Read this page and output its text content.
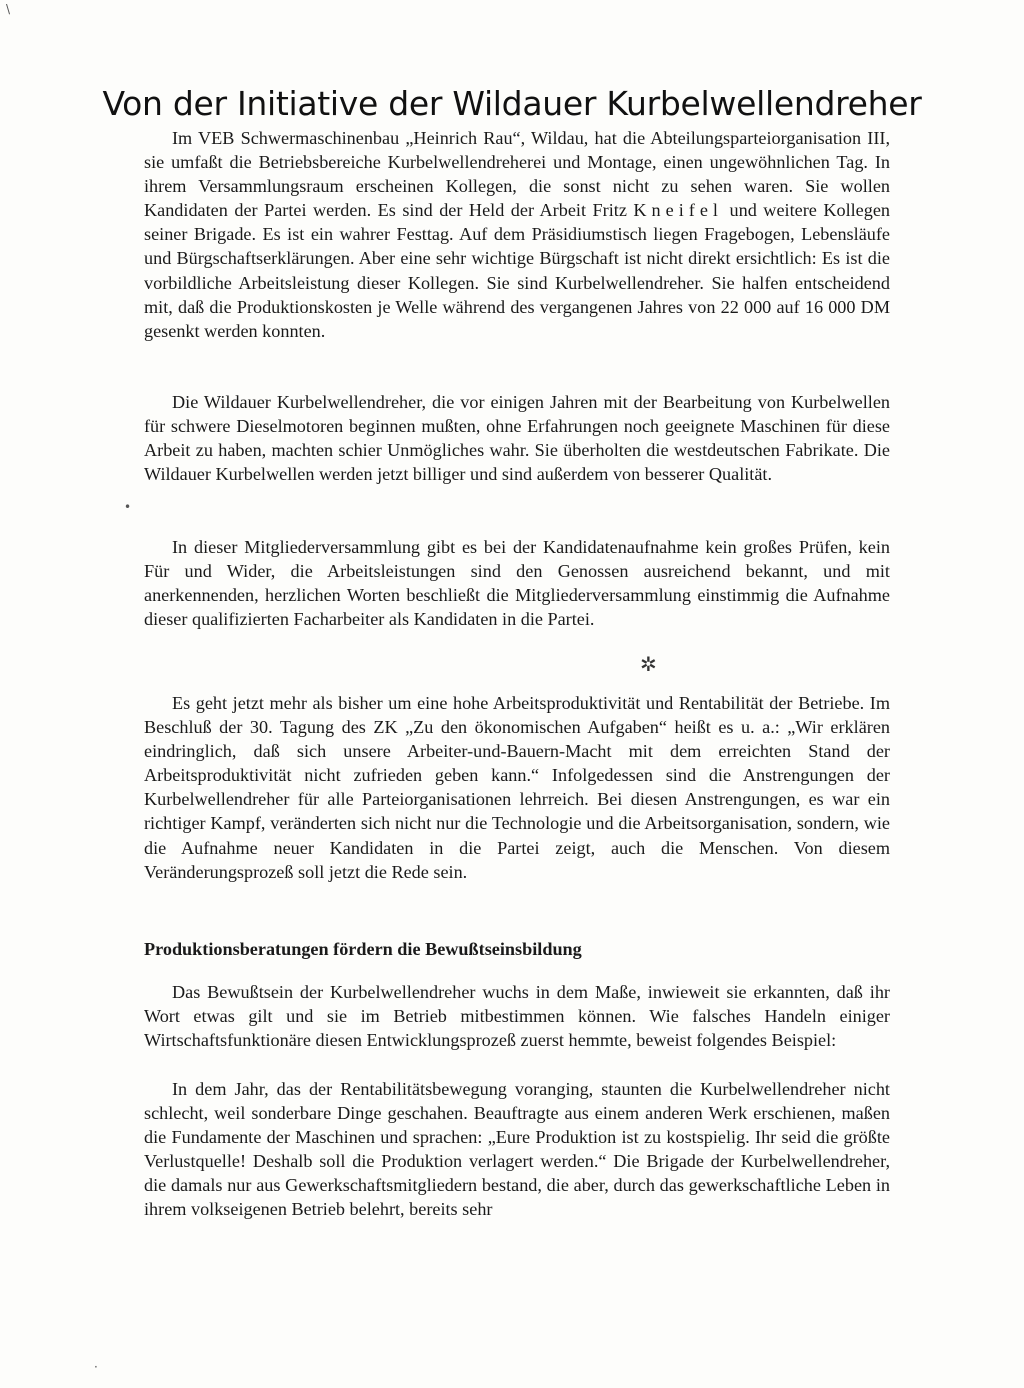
Von der Initiative der Wildauer Kurbelwellendreher

Im VEB Schwermaschinenbau „Heinrich Rau“, Wildau, hat die Abteilungsparteiorganisation III, sie umfaßt die Betriebsbereiche Kurbelwellendreherei und Montage, einen ungewöhnlichen Tag. In ihrem Versammlungsraum erscheinen Kollegen, die sonst nicht zu sehen waren. Sie wollen Kandidaten der Partei werden. Es sind der Held der Arbeit Fritz Kneifel und weitere Kollegen seiner Brigade. Es ist ein wahrer Festtag. Auf dem Präsidiumstisch liegen Fragebogen, Lebensläufe und Bürgschaftserklärungen. Aber eine sehr wichtige Bürgschaft ist nicht direkt ersichtlich: Es ist die vorbildliche Arbeitsleistung dieser Kollegen. Sie sind Kurbelwellendreher. Sie halfen entscheidend mit, daß die Produktionskosten je Welle während des vergangenen Jahres von 22 000 auf 16 000 DM gesenkt werden konnten.

Die Wildauer Kurbelwellendreher, die vor einigen Jahren mit der Bearbeitung von Kurbelwellen für schwere Dieselmotoren beginnen mußten, ohne Erfahrungen noch geeignete Maschinen für diese Arbeit zu haben, machten schier Unmögliches wahr. Sie überholten die westdeutschen Fabrikate. Die Wildauer Kurbelwellen werden jetzt billiger und sind außerdem von besserer Qualität.

In dieser Mitgliederversammlung gibt es bei der Kandidatenaufnahme kein großes Prüfen, kein Für und Wider, die Arbeitsleistungen sind den Genossen ausreichend bekannt, und mit anerkennenden, herzlichen Worten beschließt die Mitgliederversammlung einstimmig die Aufnahme dieser qualifizierten Facharbeiter als Kandidaten in die Partei.

✲

Es geht jetzt mehr als bisher um eine hohe Arbeitsproduktivität und Rentabilität der Betriebe. Im Beschluß der 30. Tagung des ZK „Zu den ökonomischen Aufgaben“ heißt es u. a.: „Wir erklären eindringlich, daß sich unsere Arbeiter-und-Bauern-Macht mit dem erreichten Stand der Arbeitsproduktivität nicht zufrieden geben kann.“ Infolgedessen sind die Anstrengungen der Kurbelwellendreher für alle Parteiorganisationen lehrreich. Bei diesen Anstrengungen, es war ein richtiger Kampf, veränderten sich nicht nur die Technologie und die Arbeitsorganisation, sondern, wie die Aufnahme neuer Kandidaten in die Partei zeigt, auch die Menschen. Von diesem Veränderungsprozeß soll jetzt die Rede sein.

Produktionsberatungen fördern die Bewußtseinsbildung

Das Bewußtsein der Kurbelwellendreher wuchs in dem Maße, inwieweit sie erkannten, daß ihr Wort etwas gilt und sie im Betrieb mitbestimmen können. Wie falsches Handeln einiger Wirtschaftsfunktionäre diesen Entwicklungsprozeß zuerst hemmte, beweist folgendes Beispiel:

In dem Jahr, das der Rentabilitätsbewegung voranging, staunten die Kurbelwellendreher nicht schlecht, weil sonderbare Dinge geschahen. Beauftragte aus einem anderen Werk erschienen, maßen die Fundamente der Maschinen und sprachen: „Eure Produktion ist zu kostspielig. Ihr seid die größte Verlustquelle! Deshalb soll die Produktion verlagert werden.“ Die Brigade der Kurbelwellendreher, die damals nur aus Gewerkschaftsmitgliedern bestand, die aber, durch das gewerkschaftliche Leben in ihrem volkseigenen Betrieb belehrt, bereits sehr

\
•
·
